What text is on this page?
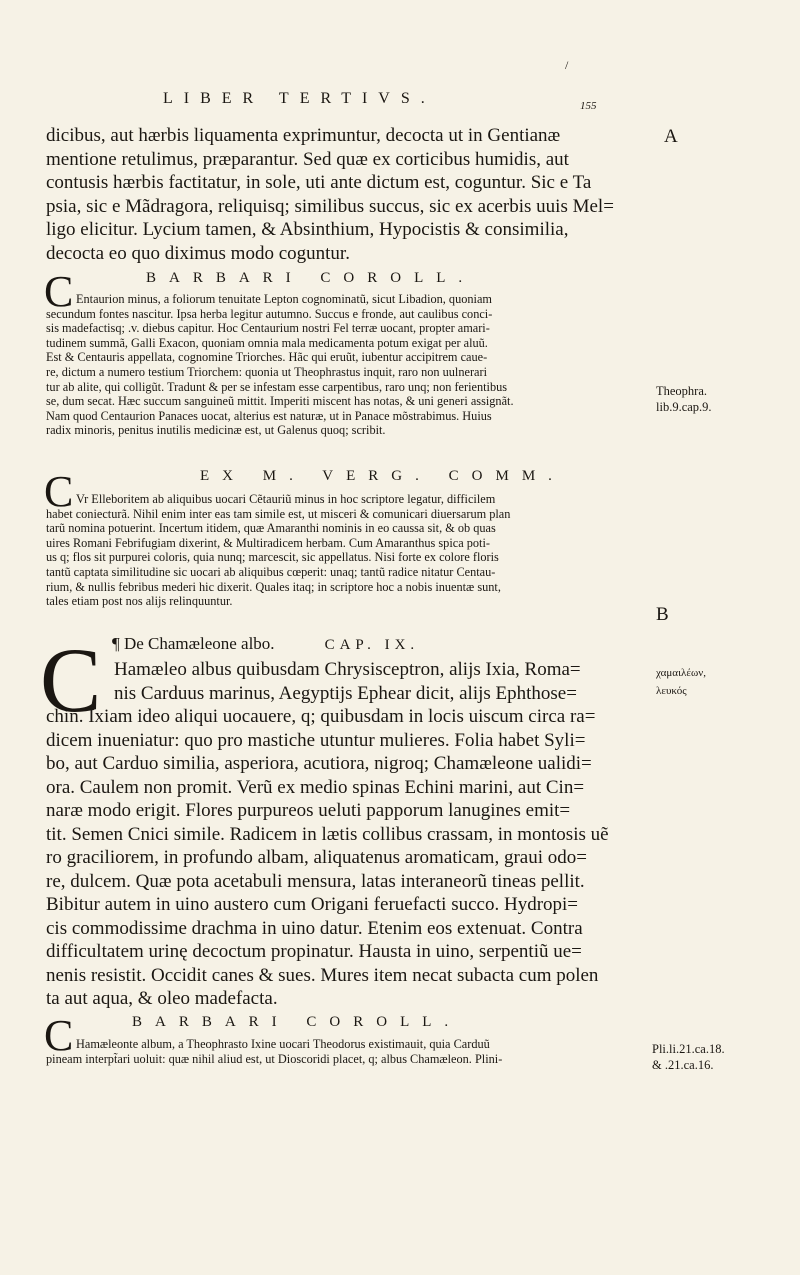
/
LIBER TERTIVS.	155
dicibus, aut hærbis liquamenta exprimuntur, decocta ut in Gentianæ
mentione retulimus, præparantur. Sed quæ ex corticibus humidis, aut
contusis hærbis factitatur, in sole, uti ante dictum est, coguntur. Sic e Ta
psia, sic e Mãdragora, reliquisq; similibus succus, sic ex acerbis uuis Mel=
ligo elicitur. Lycium tamen, & Absinthium, Hypocistis & consimilia,
decocta eo quo diximus modo coguntur.
C	BARBARI COROLL.
Entaurion minus, a foliorum tenuitate Lepton cognominatũ, sicut Libadion, quoniam
secundum fontes nascitur. Ipsa herba legitur autumno. Succus e fronde, aut caulibus conci-
sis madefactisq; .v. diebus capitur. Hoc Centaurium nostri Fel terræ uocant, propter amari-
tudinem summã, Galli Exacon, quoniam omnia mala medicamenta potum exigat per aluũ.
Est & Centauris appellata, cognomine Triorches. Hãc qui eruũt, iubentur accipitrem caue-
re, dictum a numero testium Triorchem: quonia ut Theophrastus inquit, raro non uulnerari
tur ab alite, qui colligũt. Tradunt & per se infestam esse carpentibus, raro unq; non ferientibus
se, dum secat. Hæc succum sanguineũ mittit. Imperiti miscent has notas, & uni generi assignãt.
Nam quod Centaurion Panaces uocat, alterius est naturæ, ut in Panace mõstrabimus. Huius
radix minoris, penitus inutilis medicinæ est, ut Galenus quoq; scribit.
C	EX M. VERG. COMM.
Vr Elleboritem ab aliquibus uocari Cẽtauriũ minus in hoc scriptore legatur, difficilem
habet coniecturã. Nihil enim inter eas tam simile est, ut misceri & comunicari diuersarum plan
tarũ nomina potuerint. Incertum itidem, quæ Amaranthi nominis in eo caussa sit, & ob quas
uires Romani Febrifugiam dixerint, & Multiradicem herbam. Cum Amaranthus spica poti-
us q; flos sit purpurei coloris, quia nunq; marcescit, sic appellatus. Nisi forte ex colore floris
tantũ captata similitudine sic uocari ab aliquibus cœperit: unaq; tantũ radice nitatur Centau-
rium, & nullis febribus mederi hic dixerit. Quales itaq; in scriptore hoc a nobis inuentæ sunt,
tales etiam post nos alijs relinquuntur.
¶ De Chamæleone albo.	CAP. IX.
C Hamæleo albus quibusdam Chrysisceptron, alijs Ixia, Roma=
nis Carduus marinus, Aegyptijs Ephear dicit, alijs Ephthose=
chin. Ixiam ideo aliqui uocauere, q; quibusdam in locis uiscum circa ra=
dicem inueniatur: quo pro mastiche utuntur mulieres. Folia habet Syli=
bo, aut Carduo similia, asperiora, acutiora, nigroq; Chamæleone ualidi=
ora. Caulem non promit. Verũ ex medio spinas Echini marini, aut Cin=
naræ modo erigit. Flores purpureos ueluti papporum lanugines emit=
tit. Semen Cnici simile. Radicem in lætis collibus crassam, in montosis uẽ
ro graciliorem, in profundo albam, aliquatenus aromaticam, graui odo=
re, dulcem. Quæ pota acetabuli mensura, latas interaneorũ tineas pellit.
Bibitur autem in uino austero cum Origani feruefacti succo. Hydropi=
cis commodissime drachma in uino datur. Etenim eos extenuat. Contra
difficultatem urinę decoctum propinatur. Hausta in uino, serpentiũ ue=
nenis resistit. Occidit canes & sues. Mures item necat subacta cum polen
ta aut aqua, & oleo madefacta.
C	BARBARI COROLL.
Hamæleonte album, a Theophrasto Ixine uocari Theodorus existimauit, quia Carduũ
pineam interpt̃ari uoluit: quæ nihil aliud est, ut Dioscoridi placet, q; albus Chamæleon. Plini-
A
Theophra.
lib.9.cap.9.
B
χαμαιλέων,
λευκός
Pli.li.21.ca.18.
& .21.ca.16.
